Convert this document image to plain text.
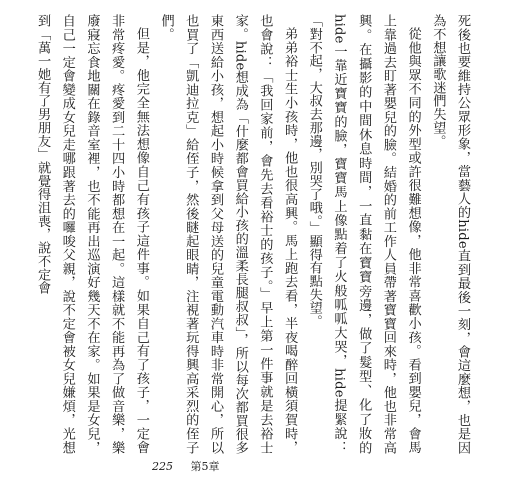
死後也要維持公眾形象，當藝人的hide直到最後一刻，會這麼想，也是因為不想讓歌迷們失望。

從他與眾不同的外型或許很難想像，他非常喜歡小孩。看到嬰兒，會馬上靠過去盯著嬰兒的臉。結婚的前工作人員帶著寶寶回來時，他也非常高興。在攝影的中間休息時間，一直黏在寶寶旁邊，做了髮型、化了妝的hide一靠近寶寶的臉，寶寶馬上像點着了火般呱呱大哭，hide提緊說：「對不起，大叔去那邊，別哭了哦。」顯得有點失望。

弟弟裕士生小孩時，他也很高興。馬上跑去看，半夜喝醉回橫須賀時，也會說：「我回家前，會先去看裕士的孩子。」早上第一件事就是去裕士家。hide想成為「什麼都會買給小孩的溫柔長腿叔叔」，所以每次都買很多東西送給小孩，想起小時候拿到父母送的兒童電動汽車時非常開心，所以也買了「凱迪拉克」給侄子，然後瞇起眼睛，注視著玩得興高采烈的侄子們。

但是，他完全無法想像自己有孩子這件事。如果自己有了孩子，一定會非常疼愛。疼愛到二十四小時都想在一起。這樣就不能再為了做音樂，樂廢寢忘食地關在錄音室裡，也不能再出巡演好幾天不在家。如果是女兒，自己一定會變成女兒走哪跟著去的囉唆父親，說不定會被女兒嫌煩，光想到「萬一她有了男朋友」就覺得沮喪，說不定會

225 第5章
